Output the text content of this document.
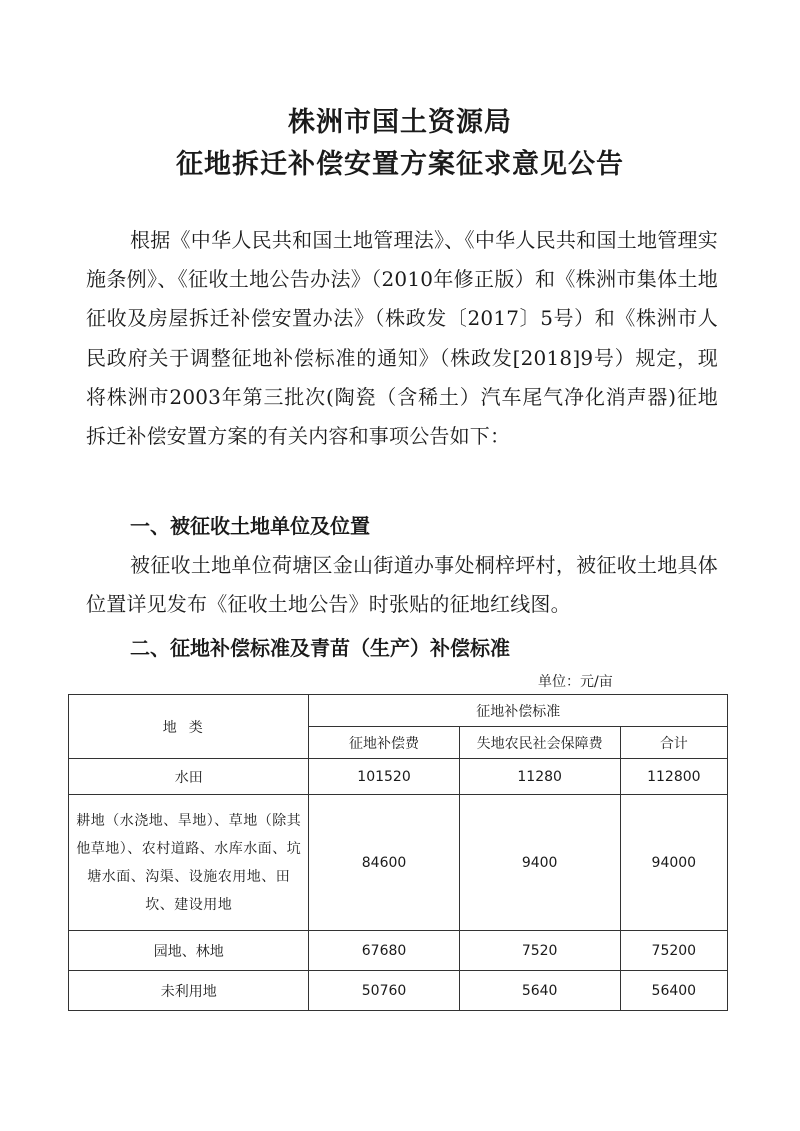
株洲市国土资源局
征地拆迁补偿安置方案征求意见公告

根据《中华人民共和国土地管理法》、《中华人民共和国土地管理实施条例》、《征收土地公告办法》（2010年修正版）和《株洲市集体土地征收及房屋拆迁补偿安置办法》（株政发〔2017〕5号）和《株洲市人民政府关于调整征地补偿标准的通知》（株政发[2018]9号）规定，现将株洲市2003年第三批次(陶瓷（含稀土）汽车尾气净化消声器)征地拆迁补偿安置方案的有关内容和事项公告如下：

一、被征收土地单位及位置

被征收土地单位荷塘区金山街道办事处桐梓坪村，被征收土地具体位置详见发布《征收土地公告》时张贴的征地红线图。

二、征地补偿标准及青苗（生产）补偿标准
单位：元/亩
地类	征地补偿标准		
	征地补偿费	失地农民社会保障费	合计
水田	101520	11280	112800
耕地（水浇地、旱地）、草地（除其他草地）、农村道路、水库水面、坑塘水面、沟渠、设施农用地、田坎、建设用地	84600	9400	94000
园地、林地	67680	7520	75200
未利用地	50760	5640	56400
